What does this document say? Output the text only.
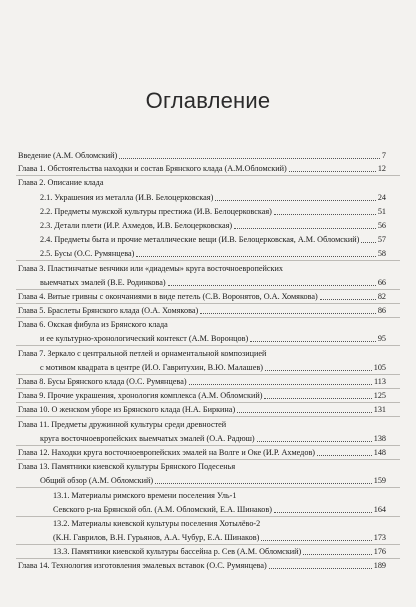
Оглавление
Введение (А.М. Обломский)	7
Глава 1. Обстоятельства находки и состав Брянского клада (А.М.Обломский)	12
Глава 2. Описание клада
2.1. Украшения из металла (И.В. Белоцерковская)	24
2.2. Предметы мужской культуры престижа (И.В. Белоцерковская)	51
2.3. Детали плети (И.Р. Ахмедов, И.В. Белоцерковская)	56
2.4. Предметы быта и прочие металлические вещи (И.В. Белоцерковская, А.М. Обломский) 57
2.5. Бусы (О.С. Румянцева)	58
Глава 3. Пластинчатые венчики или «диадемы» круга восточноевропейских
выемчатых эмалей (В.Е. Родинкова)	66
Глава 4. Витые гривны с окончаниями в виде петель (С.В. Воронятов, О.А. Хомякова)	82
Глава 5. Браслеты Брянского клада (О.А. Хомякова)	86
Глава 6. Окская фибула из Брянского клада
и ее культурно-хронологический контекст (А.М. Воронцов)	95
Глава 7. Зеркало с центральной петлей и орнаментальной композицией
с мотивом квадрата в центре (И.О. Гавритухин, В.Ю. Малашев)	105
Глава 8. Бусы Брянского клада (О.С. Румянцева)	113
Глава 9. Прочие украшения, хронология комплекса (А.М. Обломский)	125
Глава 10. О женском уборе из Брянского клада (Н.А. Биркина)	131
Глава 11. Предметы дружинной культуры среди древностей
круга восточноевропейских выемчатых эмалей (О.А. Радюш)	138
Глава 12. Находки круга восточноевропейских эмалей на Волге и Оке (И.Р. Ахмедов)	148
Глава 13. Памятники киевской культуры Брянского Подесенья
Общий обзор (А.М. Обломский)	159
13.1. Материалы римского времени поселения Уль-1
Севского р-на Брянской обл. (А.М. Обломский, Е.А. Шинаков)	164
13.2. Материалы киевской культуры поселения Хотылёво-2
(К.Н. Гаврилов, В.Н. Гурьянов, А.А. Чубур, Е.А. Шинаков)	173
13.3. Памятники киевской культуры бассейна р. Сев (А.М. Обломский)	176
Глава 14. Технология изготовления эмалевых вставок (О.С. Румянцева)	189
